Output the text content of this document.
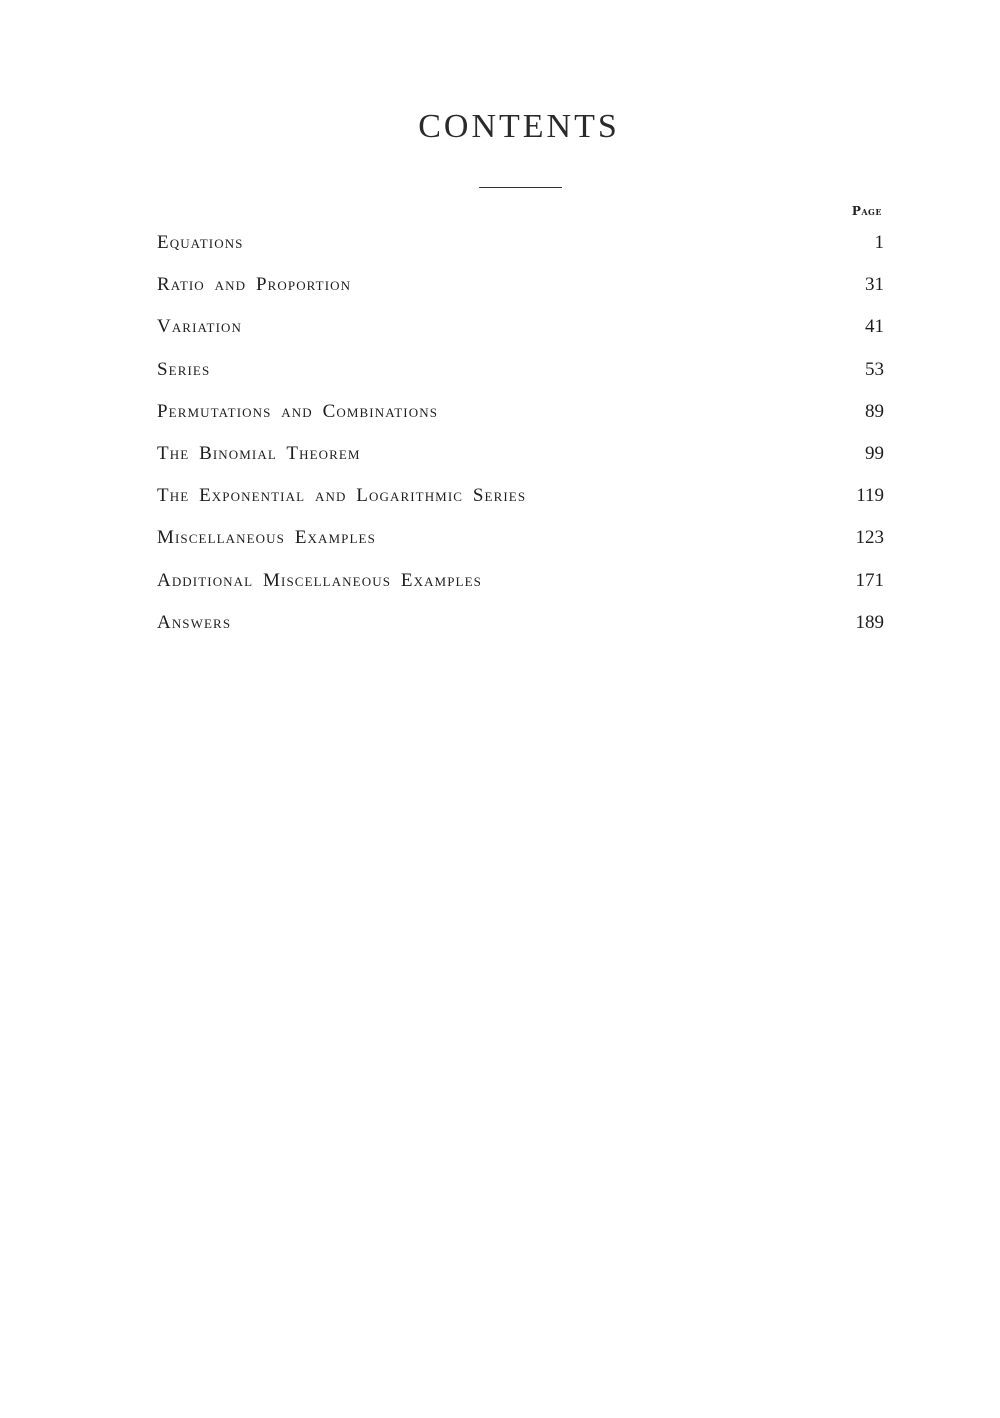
CONTENTS
Page
Equations	1
Ratio and Proportion	31
Variation	41
Series	53
Permutations and Combinations	89
The Binomial Theorem	99
The Exponential and Logarithmic Series	119
Miscellaneous Examples	123
Additional Miscellaneous Examples	171
Answers	189
